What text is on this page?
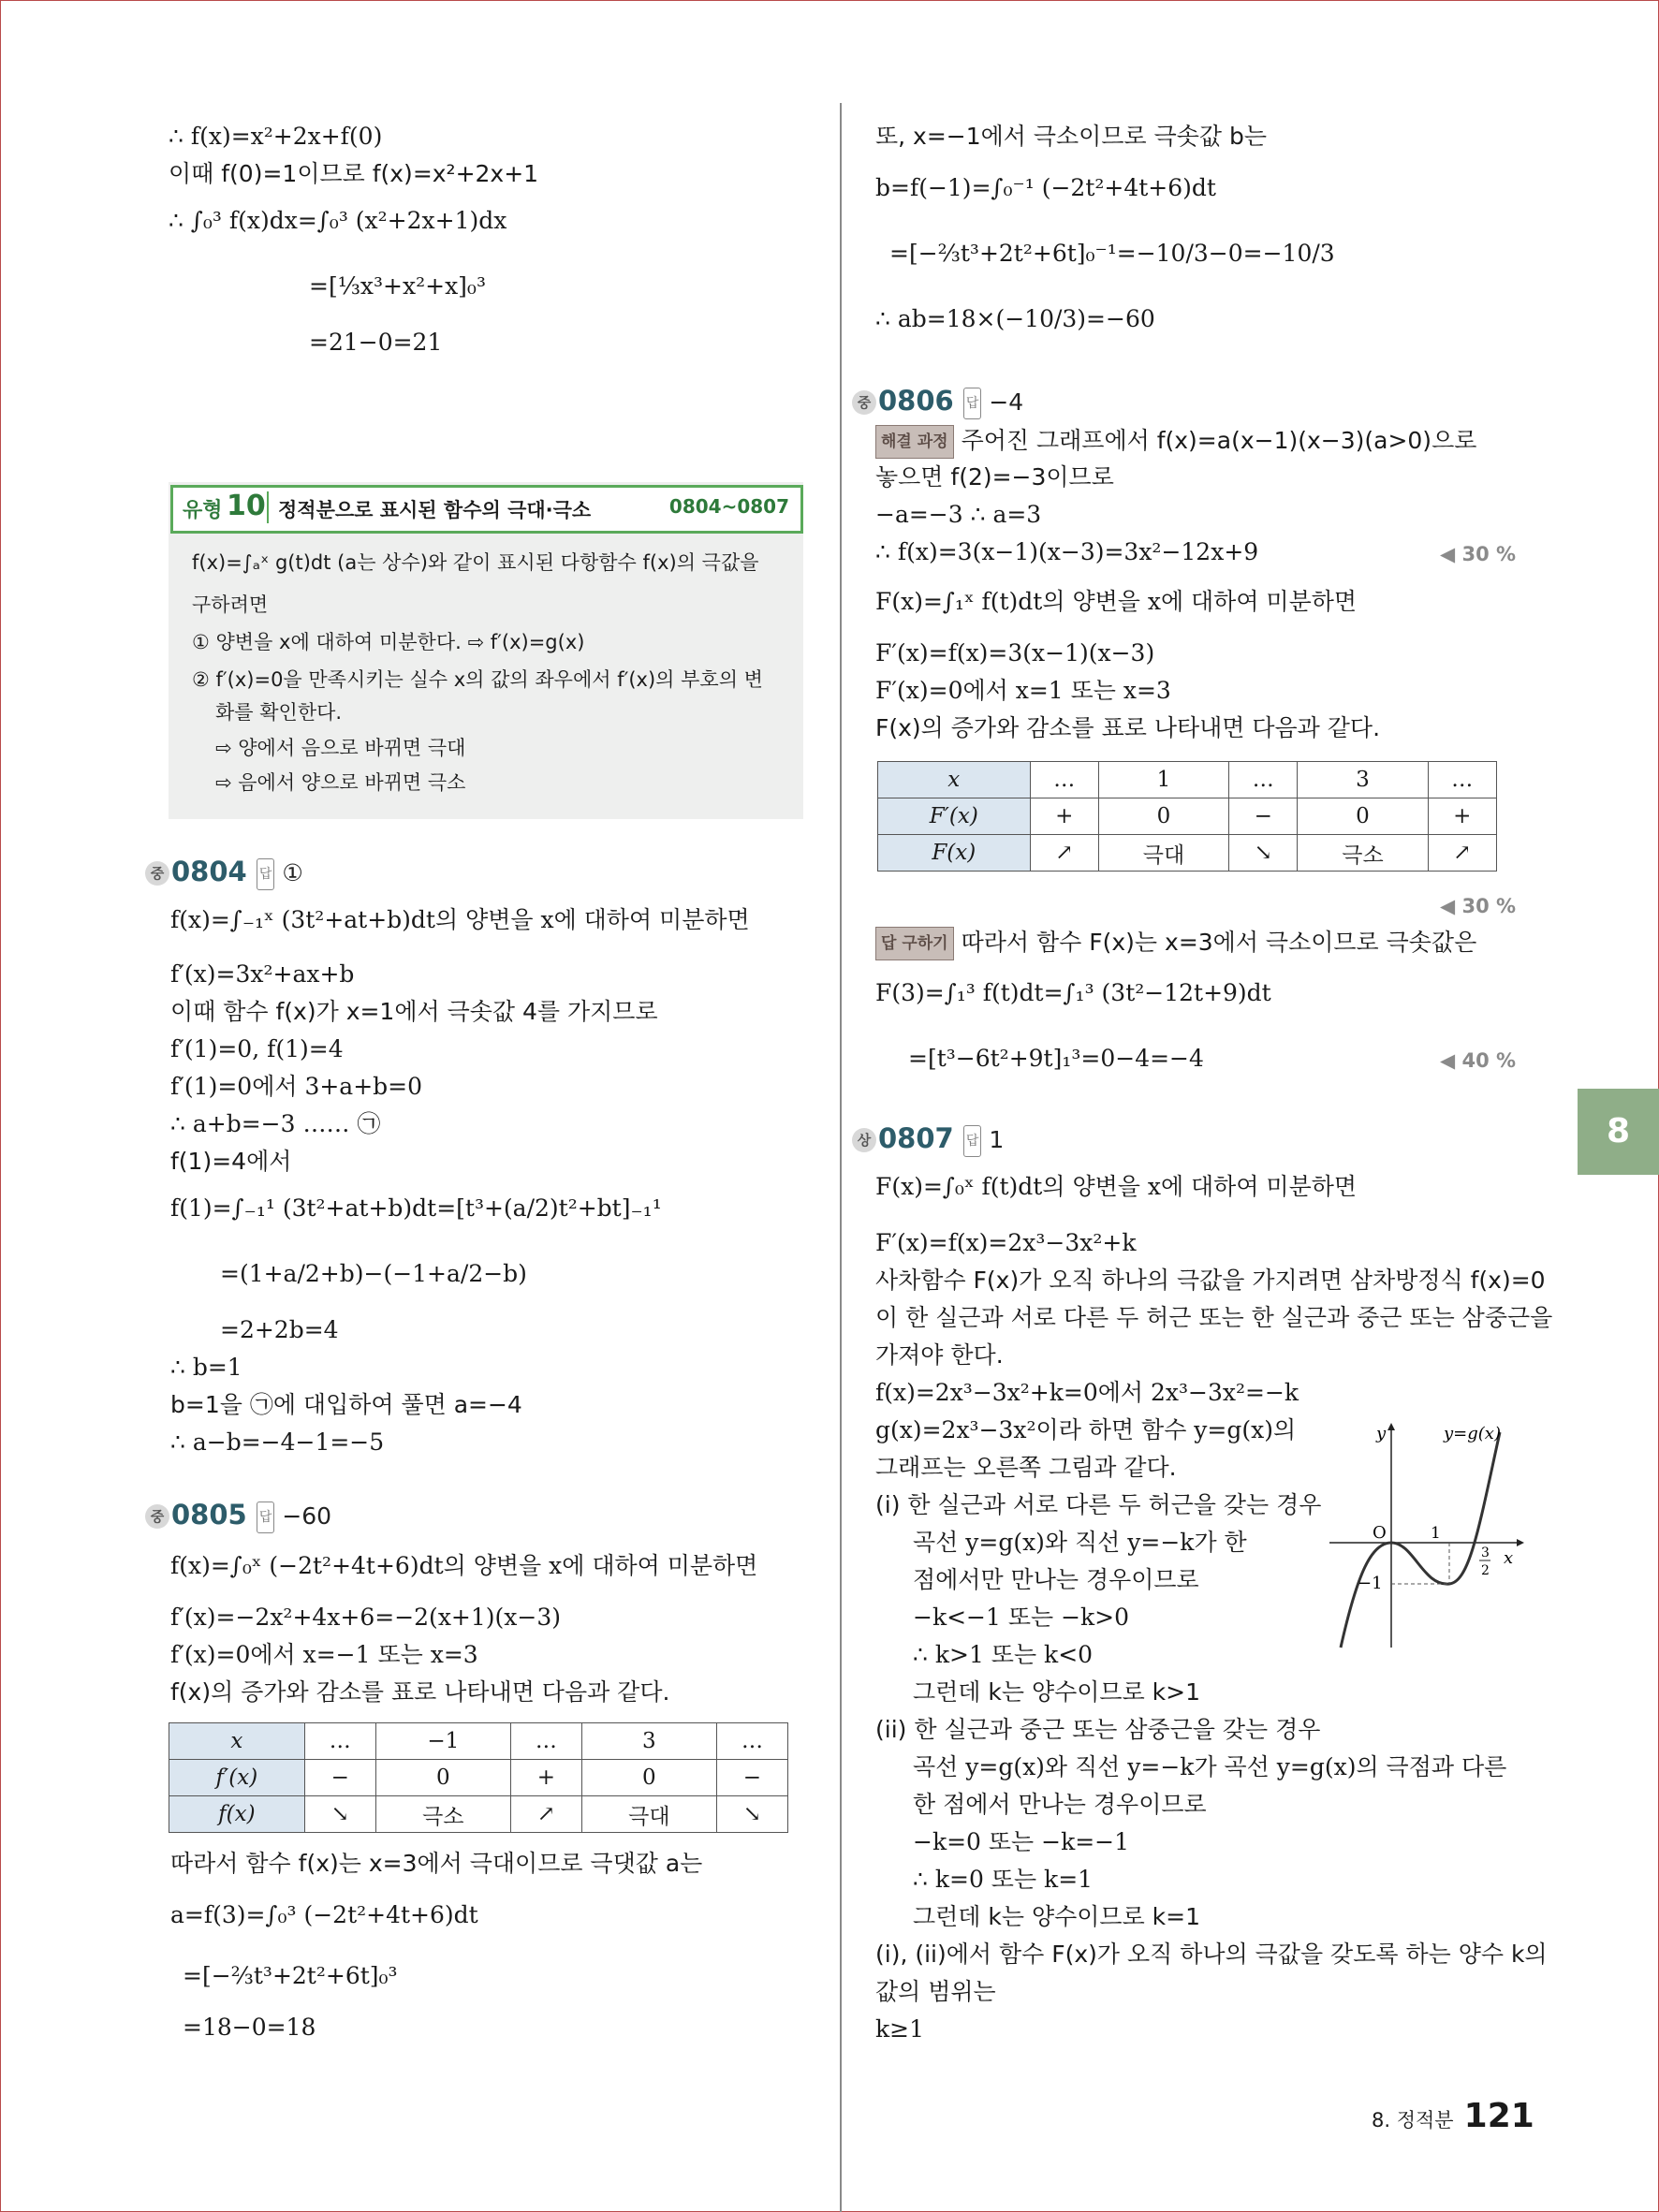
∴ f(x)=x²+2x+f(0)
이때 f(0)=1이므로 f(x)=x²+2x+1
∴ ∫₀³ f(x)dx=∫₀³ (x²+2x+1)dx
=[⅓x³+x²+x]₀³
=21−0=21
유형 10 정적분으로 표시된 함수의 극대·극소	0804~0807
f(x)=∫ₐˣ g(t)dt (a는 상수)와 같이 표시된 다항함수 f(x)의 극값을
구하려면
① 양변을 x에 대하여 미분한다. ⇨ f′(x)=g(x)
② f′(x)=0을 만족시키는 실수 x의 값의 좌우에서 f′(x)의 부호의 변
화를 확인한다.
⇨ 양에서 음으로 바뀌면 극대
⇨ 음에서 양으로 바뀌면 극소
중 0804 답 ①
f(x)=∫₋₁ˣ (3t²+at+b)dt의 양변을 x에 대하여 미분하면
f′(x)=3x²+ax+b
이때 함수 f(x)가 x=1에서 극솟값 4를 가지므로
f′(1)=0, f(1)=4
f′(1)=0에서 3+a+b=0
∴ a+b=−3 …… ㉠
f(1)=4에서
f(1)=∫₋₁¹ (3t²+at+b)dt=[t³+(a/2)t²+bt]₋₁¹
=(1+a/2+b)−(−1+a/2−b)
=2+2b=4
∴ b=1
b=1을 ㉠에 대입하여 풀면 a=−4
∴ a−b=−4−1=−5
중 0805 답 −60
f(x)=∫₀ˣ (−2t²+4t+6)dt의 양변을 x에 대하여 미분하면
f′(x)=−2x²+4x+6=−2(x+1)(x−3)
f′(x)=0에서 x=−1 또는 x=3
f(x)의 증가와 감소를 표로 나타내면 다음과 같다.
x	…	−1	…	3	…
f′(x)	−	0	+	0	−
f(x)	↘	극소	↗	극대	↘
따라서 함수 f(x)는 x=3에서 극대이므로 극댓값 a는
a=f(3)=∫₀³ (−2t²+4t+6)dt
=[−⅔t³+2t²+6t]₀³
=18−0=18
또, x=−1에서 극소이므로 극솟값 b는
b=f(−1)=∫₀⁻¹ (−2t²+4t+6)dt
=[−⅔t³+2t²+6t]₀⁻¹=−10/3−0=−10/3
∴ ab=18×(−10/3)=−60
중 0806 답 −4
해결 과정 주어진 그래프에서 f(x)=a(x−1)(x−3)(a>0)으로
놓으면 f(2)=−3이므로
−a=−3 ∴ a=3
∴ f(x)=3(x−1)(x−3)=3x²−12x+9	◀ 30 %
F(x)=∫₁ˣ f(t)dt의 양변을 x에 대하여 미분하면
F′(x)=f(x)=3(x−1)(x−3)
F′(x)=0에서 x=1 또는 x=3
F(x)의 증가와 감소를 표로 나타내면 다음과 같다.
x	…	1	…	3	…
F′(x)	+	0	−	0	+
F(x)	↗	극대	↘	극소	↗
◀ 30 %
답 구하기 따라서 함수 F(x)는 x=3에서 극소이므로 극솟값은
F(3)=∫₁³ f(t)dt=∫₁³ (3t²−12t+9)dt
=[t³−6t²+9t]₁³=0−4=−4	◀ 40 %
상 0807 답 1
F(x)=∫₀ˣ f(t)dt의 양변을 x에 대하여 미분하면
F′(x)=f(x)=2x³−3x²+k
사차함수 F(x)가 오직 하나의 극값을 가지려면 삼차방정식 f(x)=0
이 한 실근과 서로 다른 두 허근 또는 한 실근과 중근 또는 삼중근을
가져야 한다.
f(x)=2x³−3x²+k=0에서 2x³−3x²=−k
g(x)=2x³−3x²이라 하면 함수 y=g(x)의
그래프는 오른쪽 그림과 같다.
(i) 한 실근과 서로 다른 두 허근을 갖는 경우
곡선 y=g(x)와 직선 y=−k가 한
점에서만 만나는 경우이므로
−k<−1 또는 −k>0
∴ k>1 또는 k<0
그런데 k는 양수이므로 k>1
(ii) 한 실근과 중근 또는 삼중근을 갖는 경우
곡선 y=g(x)와 직선 y=−k가 곡선 y=g(x)의 극점과 다른
한 점에서 만나는 경우이므로
−k=0 또는 −k=−1
∴ k=0 또는 k=1
그런데 k는 양수이므로 k=1
(i), (ii)에서 함수 F(x)가 오직 하나의 극값을 갖도록 하는 양수 k의
값의 범위는
k≥1
y	y=g(x)
O
x
1
3
2
−1
8
8. 정적분 121
